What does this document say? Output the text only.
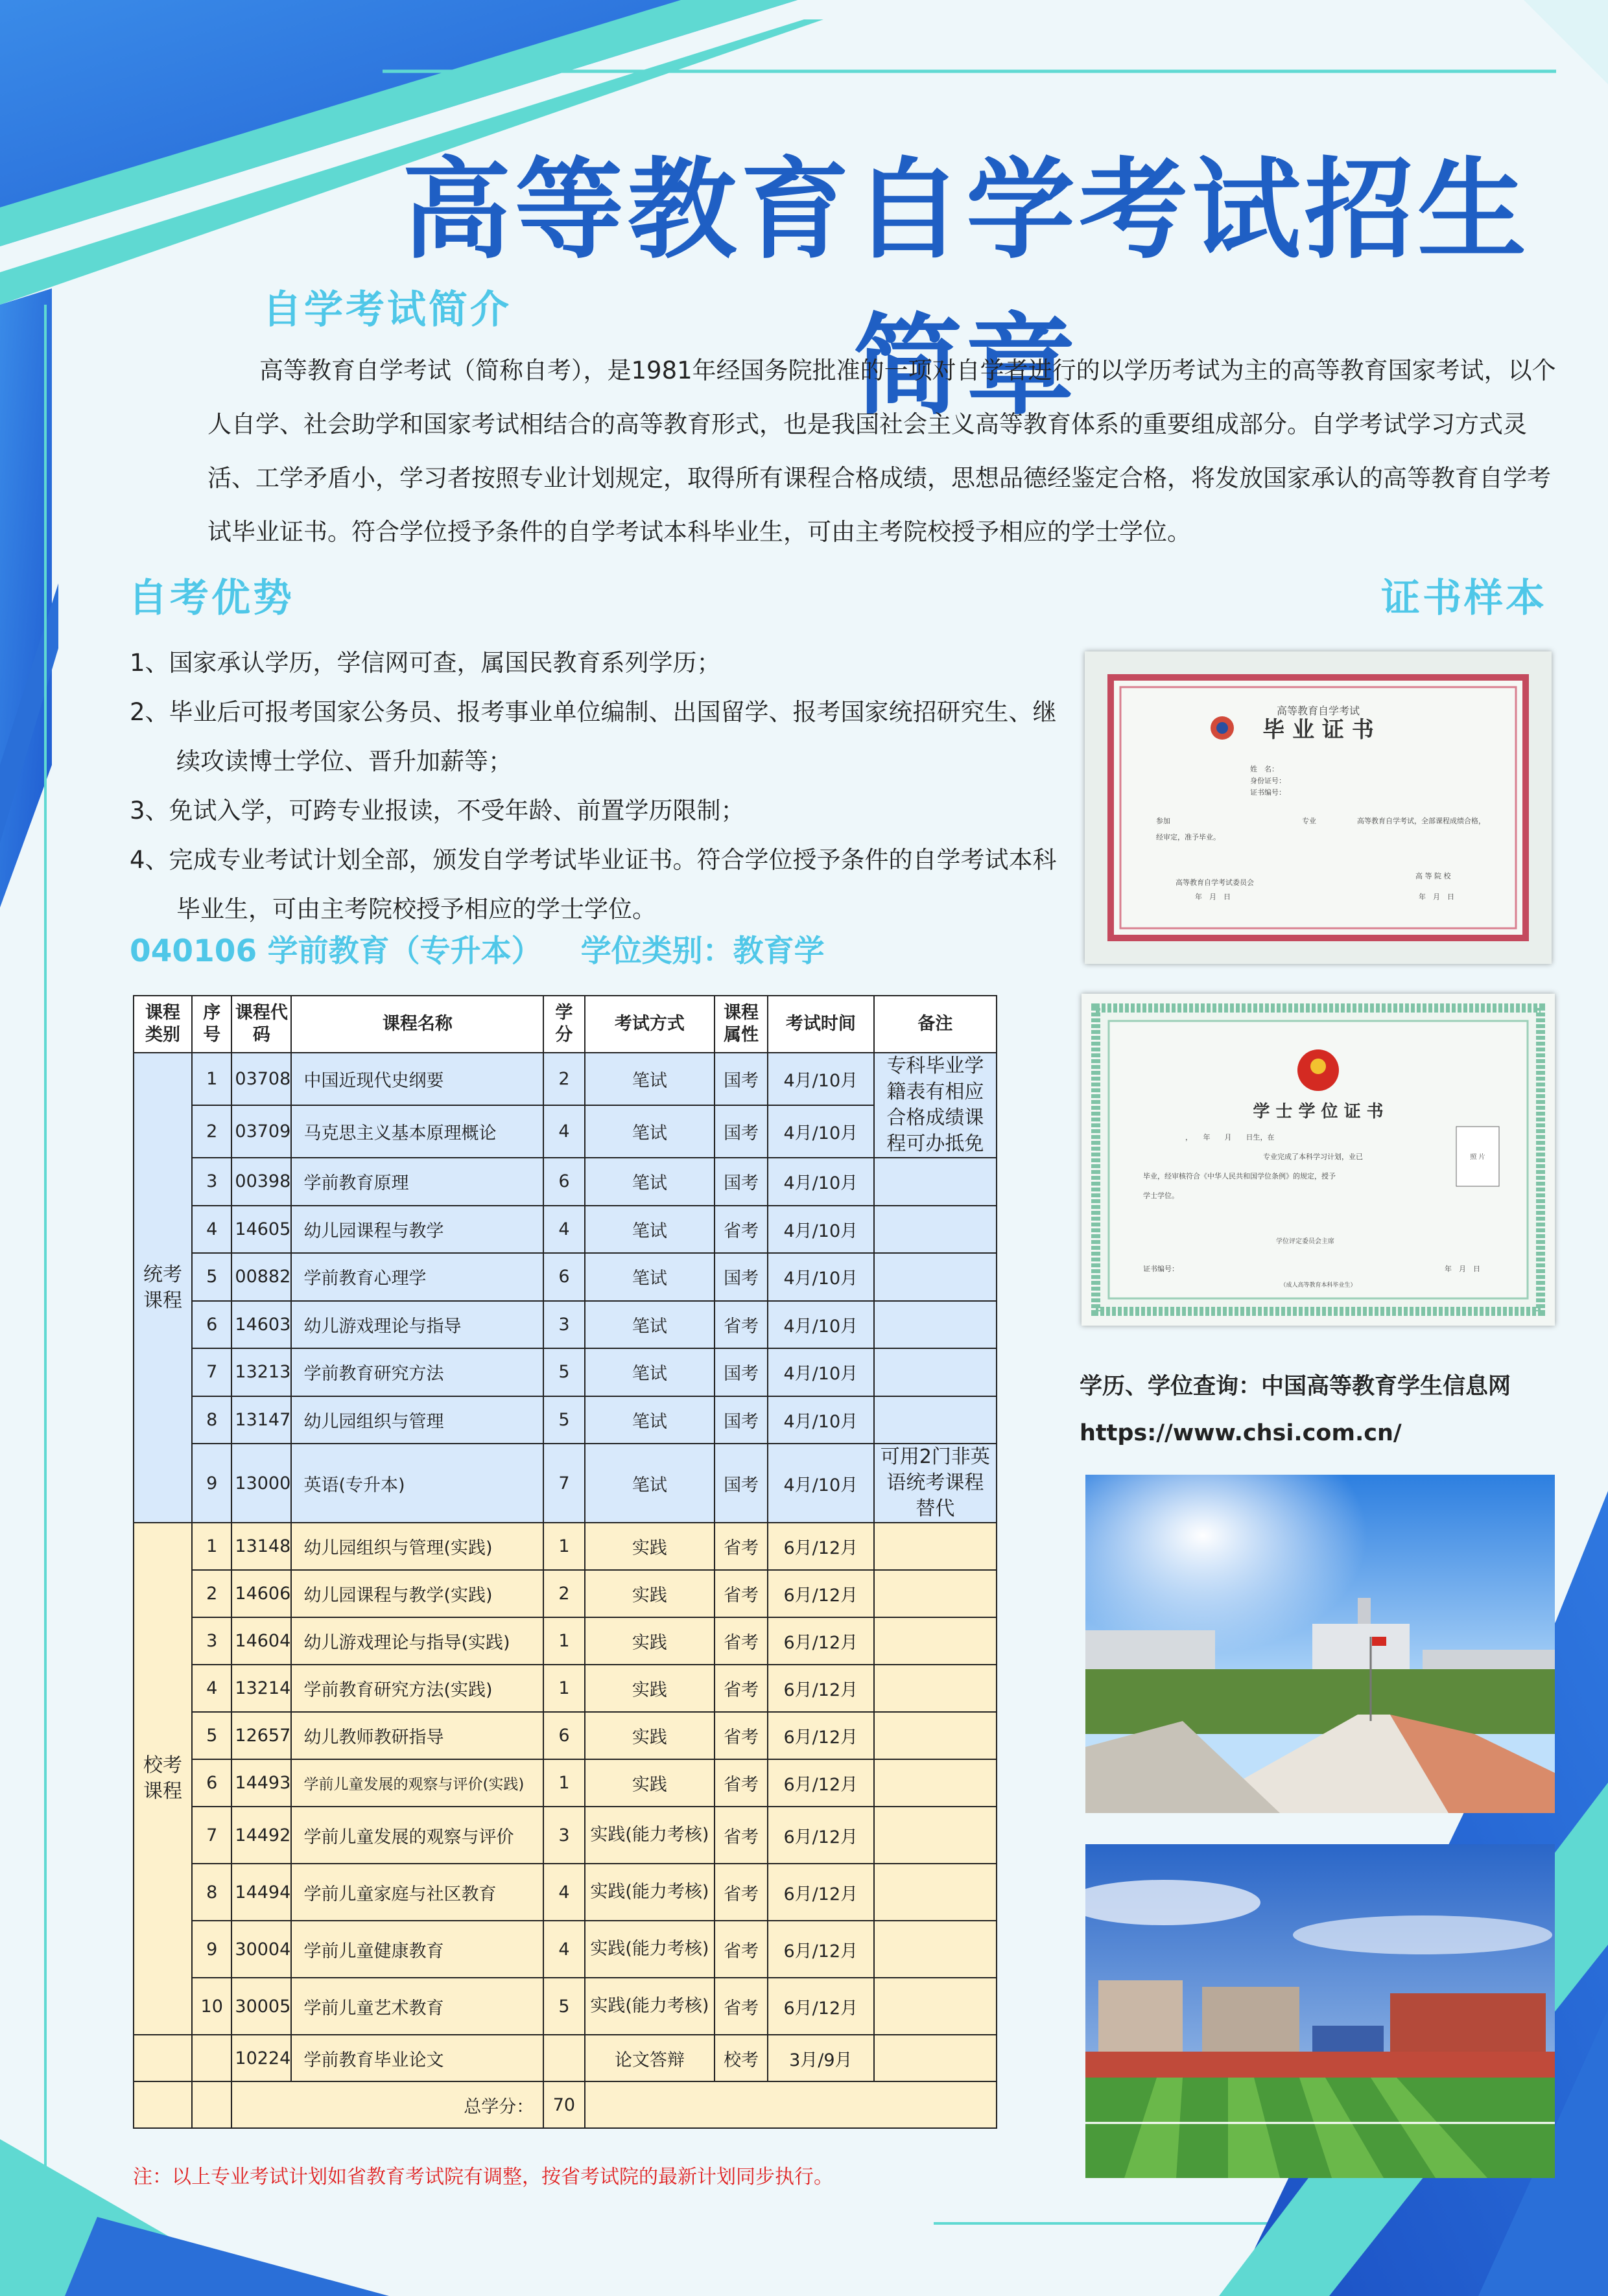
高等教育自学考试招生简章
自学考试简介

高等教育自学考试（简称自考），是1981年经国务院批准的一项对自学者进行的以学历考试为主的高等教育国家考试，以个人自学、社会助学和国家考试相结合的高等教育形式，也是我国社会主义高等教育体系的重要组成部分。自学考试学习方式灵活、工学矛盾小，学习者按照专业计划规定，取得所有课程合格成绩，思想品德经鉴定合格，将发放国家承认的高等教育自学考试毕业证书。符合学位授予条件的自学考试本科毕业生，可由主考院校授予相应的学士学位。

自考优势	证书样本
1、国家承认学历，学信网可查，属国民教育系列学历；
2、毕业后可报考国家公务员、报考事业单位编制、出国留学、报考国家统招研究生、继续攻读博士学位、晋升加薪等；
3、免试入学，可跨专业报读，不受年龄、前置学历限制；
4、完成专业考试计划全部，颁发自学考试毕业证书。符合学位授予条件的自学考试本科毕业生，可由主考院校授予相应的学士学位。

040106 学前教育（专升本） 学位类别：教育学

课程类别	序号	课程代码	课程名称	学分	考试方式	课程属性	考试时间	备注
统考课程	1	03708	中国近现代史纲要	2	笔试	国考	4月/10月	专科毕业学籍表有相应合格成绩课程可办抵免
	2	03709	马克思主义基本原理概论	4	笔试	国考	4月/10月	
	3	00398	学前教育原理	6	笔试	国考	4月/10月	
	4	14605	幼儿园课程与教学	4	笔试	省考	4月/10月	
	5	00882	学前教育心理学	6	笔试	国考	4月/10月	
	6	14603	幼儿游戏理论与指导	3	笔试	省考	4月/10月	
	7	13213	学前教育研究方法	5	笔试	国考	4月/10月	
	8	13147	幼儿园组织与管理	5	笔试	国考	4月/10月	
	9	13000	英语(专升本)	7	笔试	国考	4月/10月	可用2门非英语统考课程替代
校考课程	1	13148	幼儿园组织与管理(实践)	1	实践	省考	6月/12月	
	2	14606	幼儿园课程与教学(实践)	2	实践	省考	6月/12月	
	3	14604	幼儿游戏理论与指导(实践)	1	实践	省考	6月/12月	
	4	13214	学前教育研究方法(实践)	1	实践	省考	6月/12月	
	5	12657	幼儿教师教研指导	6	实践	省考	6月/12月	
	6	14493	学前儿童发展的观察与评价(实践)	1	实践	省考	6月/12月	
	7	14492	学前儿童发展的观察与评价	3	实践(能力考核)	省考	6月/12月	
	8	14494	学前儿童家庭与社区教育	4	实践(能力考核)	省考	6月/12月	
	9	30004	学前儿童健康教育	4	实践(能力考核)	省考	6月/12月	
	10	30005	学前儿童艺术教育	5	实践(能力考核)	省考	6月/12月	
		10224	学前教育毕业论文		论文答辩	校考	3月/9月	
		总学分：		70				

注：以上专业考试计划如省教育考试院有调整，按省考试院的最新计划同步执行。

高等教育自学考试
毕 业 证 书
姓　名：
身份证号：
证书编号：
参加	专业	高等教育自学考试，全部课程成绩合格，
经审定，准予毕业。
高等教育自学考试委员会
高 等 院 校
年　月　日	年　月　日
学 士 学 位 证 书
，　　年　　月　　日生，在
专业完成了本科学习计划，业已
毕业，经审核符合《中华人民共和国学位条例》的规定，授予
学士学位。
照 片
学位评定委员会主席
证书编号：	年　月　日
（成人高等教育本科毕业生）

学历、学位查询：中国高等教育学生信息网
https://www.chsi.com.cn/
